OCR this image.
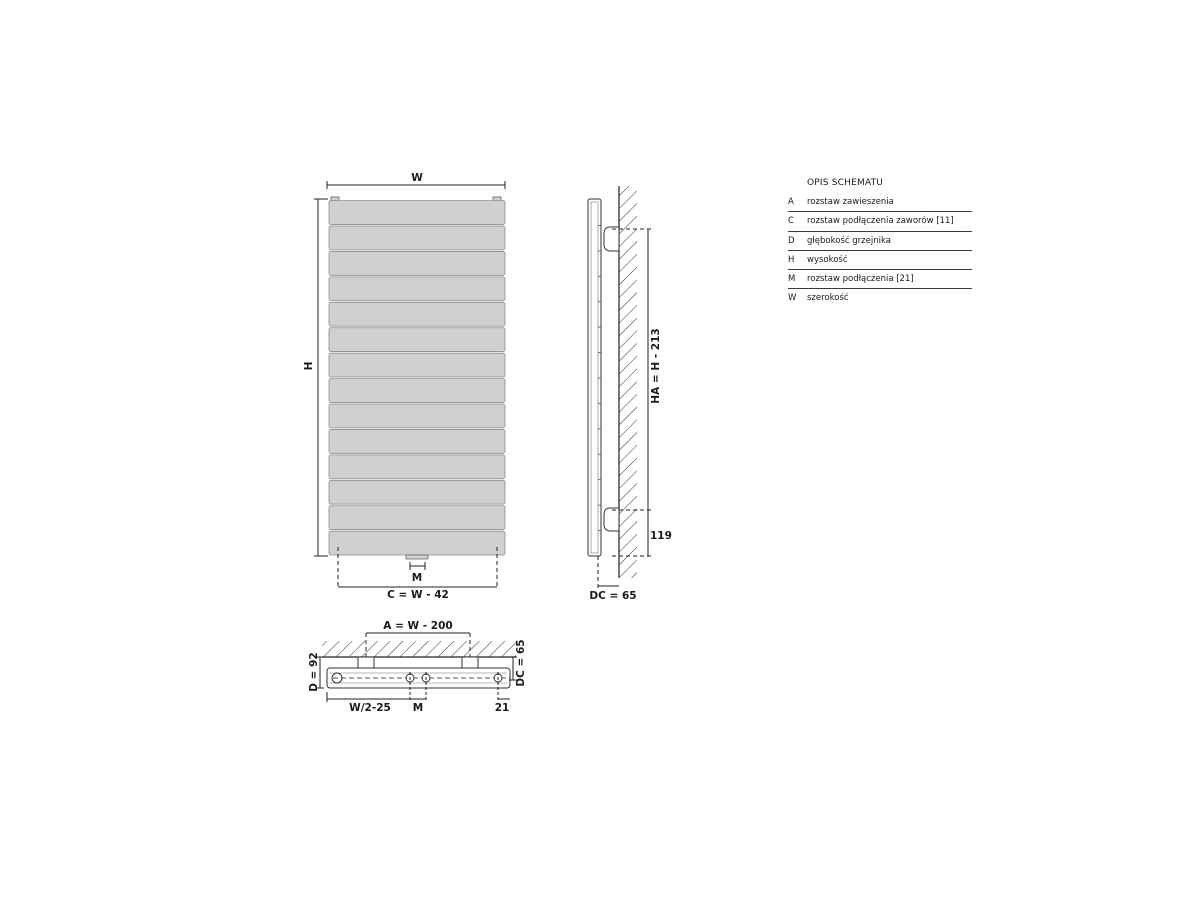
W
H
M
C = W - 42
HA = H - 213
119
DC = 65
A = W - 200
D = 92	DC = 65
W/2-25 M	21
OPIS SCHEMATU
A	rozstaw zawieszenia
C	rozstaw podłączenia zaworów [11]
D	głębokość grzejnika
H	wysokość
M	rozstaw podłączenia [21]
W	szerokość
